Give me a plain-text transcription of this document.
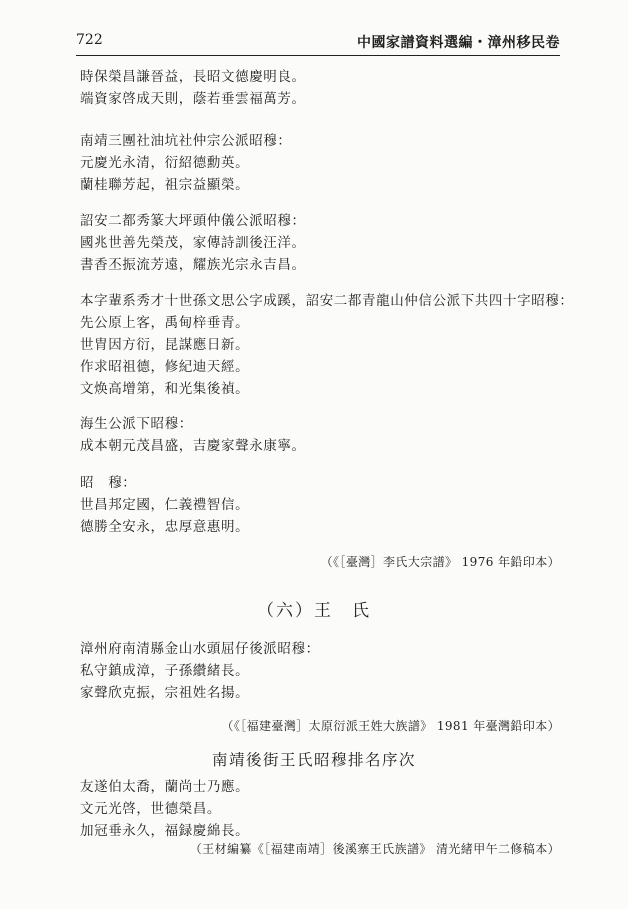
722	中國家譜資料選編・漳州移民卷
時保榮昌謙晉益，長昭文德慶明良。
端資家啓成天則，蔭若垂雲福萬芳。
南靖三團社油坑社仲宗公派昭穆：
元慶光永清，衍紹德勳英。
蘭桂聯芳起，祖宗益顯榮。
詔安二都秀篆大坪頭仲儀公派昭穆：
國兆世善先榮茂，家傳詩訓後汪洋。
書香丕振流芳遠，耀族光宗永吉昌。
本字輩系秀才十世孫文思公字成蹊，詔安二都青龍山仲信公派下共四十字昭穆：
先公原上客，禹甸梓垂青。
世胄因方衍，昆謀應日新。
作求昭祖德，修紀迪天經。
文焕高增第，和光集後禎。
海生公派下昭穆：
成本朝元茂昌盛，吉慶家聲永康寧。
昭　穆：
世昌邦定國，仁義禮智信。
德勝全安永，忠厚意惠明。
（《［臺灣］李氏大宗譜》 1976 年鉛印本）
（六）王　氏
漳州府南清縣金山水頭屈仔後派昭穆：
私守鎮成漳，子孫纘緒長。
家聲欣克振，宗祖姓名揚。
（《［福建臺灣］太原衍派王姓大族譜》 1981 年臺灣鉛印本）
南靖後街王氏昭穆排名序次
友遂伯太喬，蘭尚士乃應。
文元光啓，世德榮昌。
加冠垂永久，福録慶綿長。
（王材編纂《［福建南靖］後溪寨王氏族譜》 清光緒甲午二修稿本）
